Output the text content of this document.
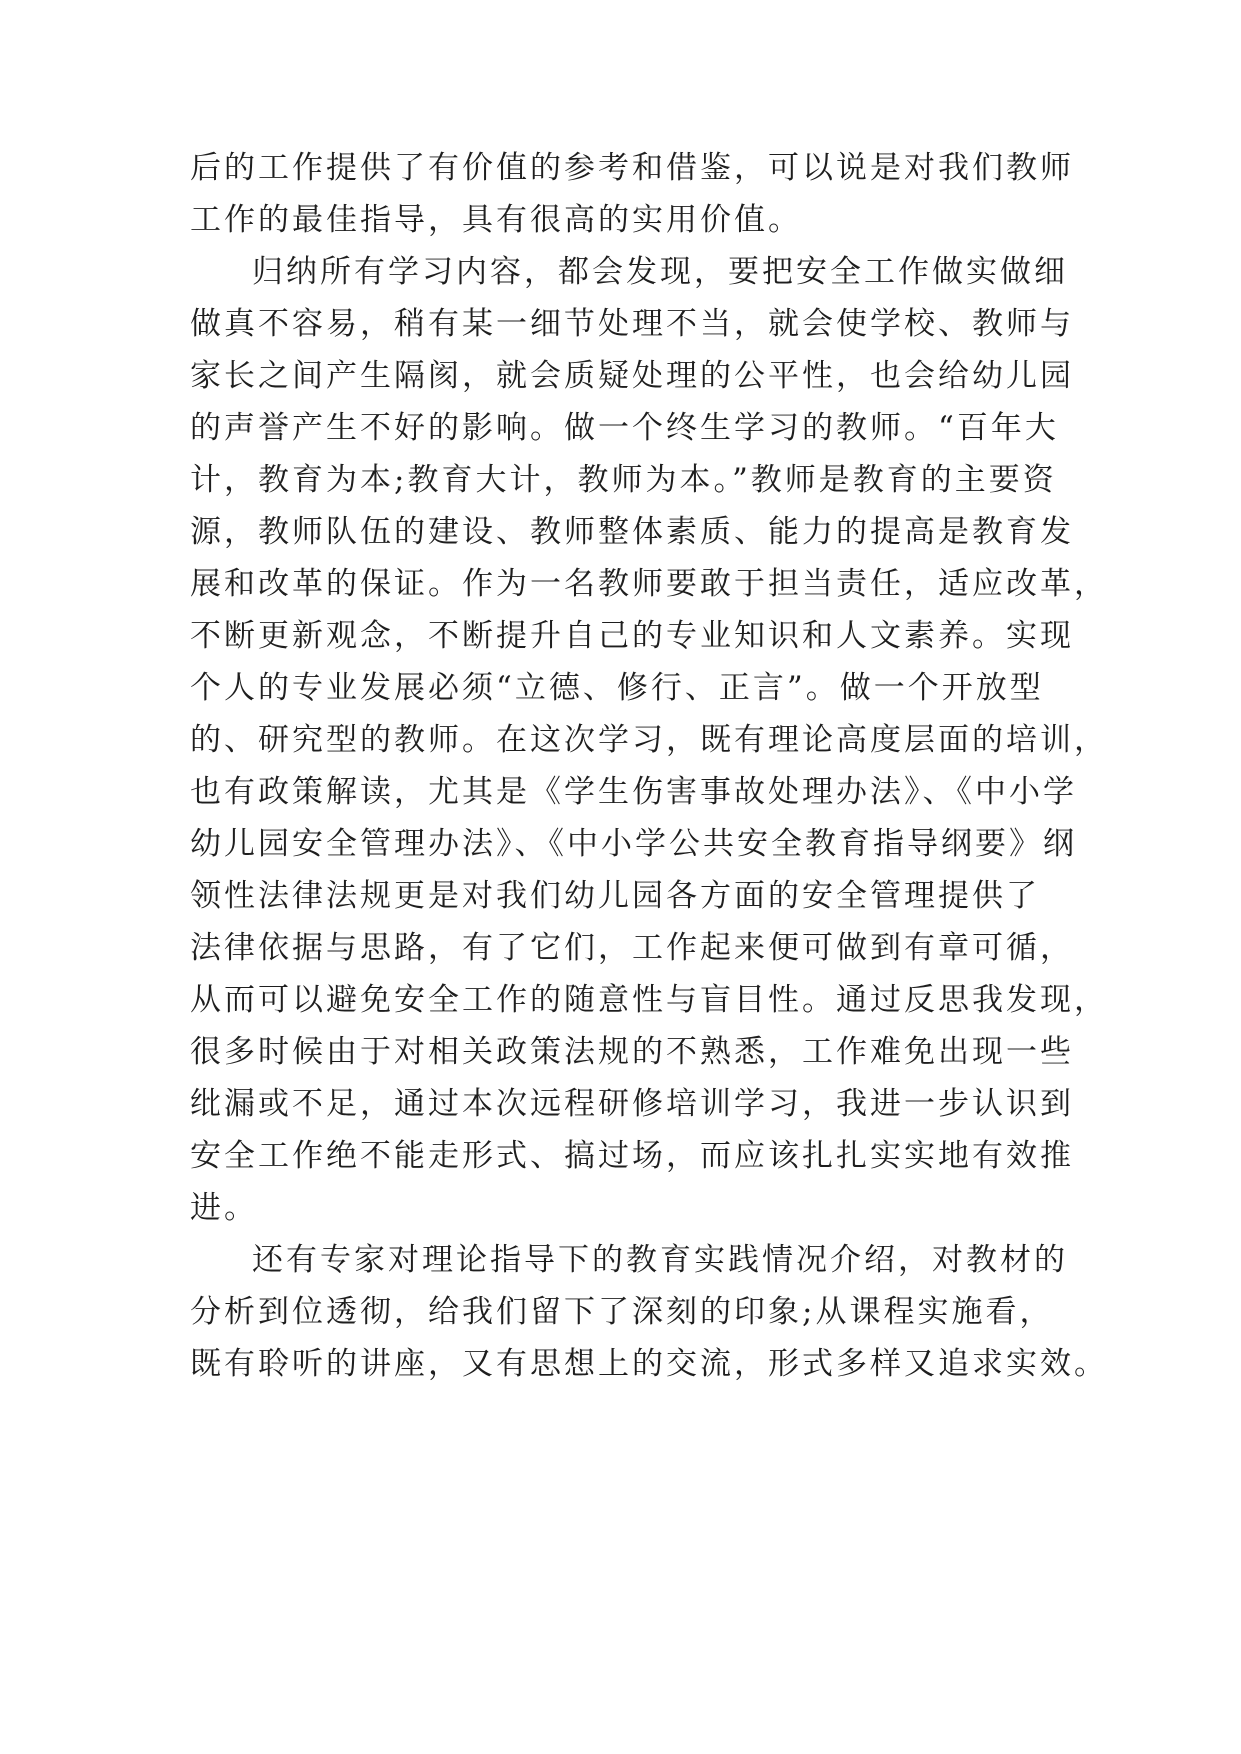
后的工作提供了有价值的参考和借鉴，可以说是对我们教师
工作的最佳指导，具有很高的实用价值。
归纳所有学习内容，都会发现，要把安全工作做实做细
做真不容易，稍有某一细节处理不当，就会使学校、教师与
家长之间产生隔阂，就会质疑处理的公平性，也会给幼儿园
的声誉产生不好的影响。做一个终生学习的教师。“百年大
计，教育为本;教育大计，教师为本。”教师是教育的主要资
源，教师队伍的建设、教师整体素质、能力的提高是教育发
展和改革的保证。作为一名教师要敢于担当责任，适应改革，
不断更新观念，不断提升自己的专业知识和人文素养。实现
个人的专业发展必须“立德、修行、正言”。做一个开放型
的、研究型的教师。在这次学习，既有理论高度层面的培训，
也有政策解读，尤其是《学生伤害事故处理办法》、《中小学
幼儿园安全管理办法》、《中小学公共安全教育指导纲要》纲
领性法律法规更是对我们幼儿园各方面的安全管理提供了
法律依据与思路，有了它们，工作起来便可做到有章可循，
从而可以避免安全工作的随意性与盲目性。通过反思我发现，
很多时候由于对相关政策法规的不熟悉，工作难免出现一些
纰漏或不足，通过本次远程研修培训学习，我进一步认识到
安全工作绝不能走形式、搞过场，而应该扎扎实实地有效推
进。
还有专家对理论指导下的教育实践情况介绍，对教材的
分析到位透彻，给我们留下了深刻的印象;从课程实施看，
既有聆听的讲座，又有思想上的交流，形式多样又追求实效。
